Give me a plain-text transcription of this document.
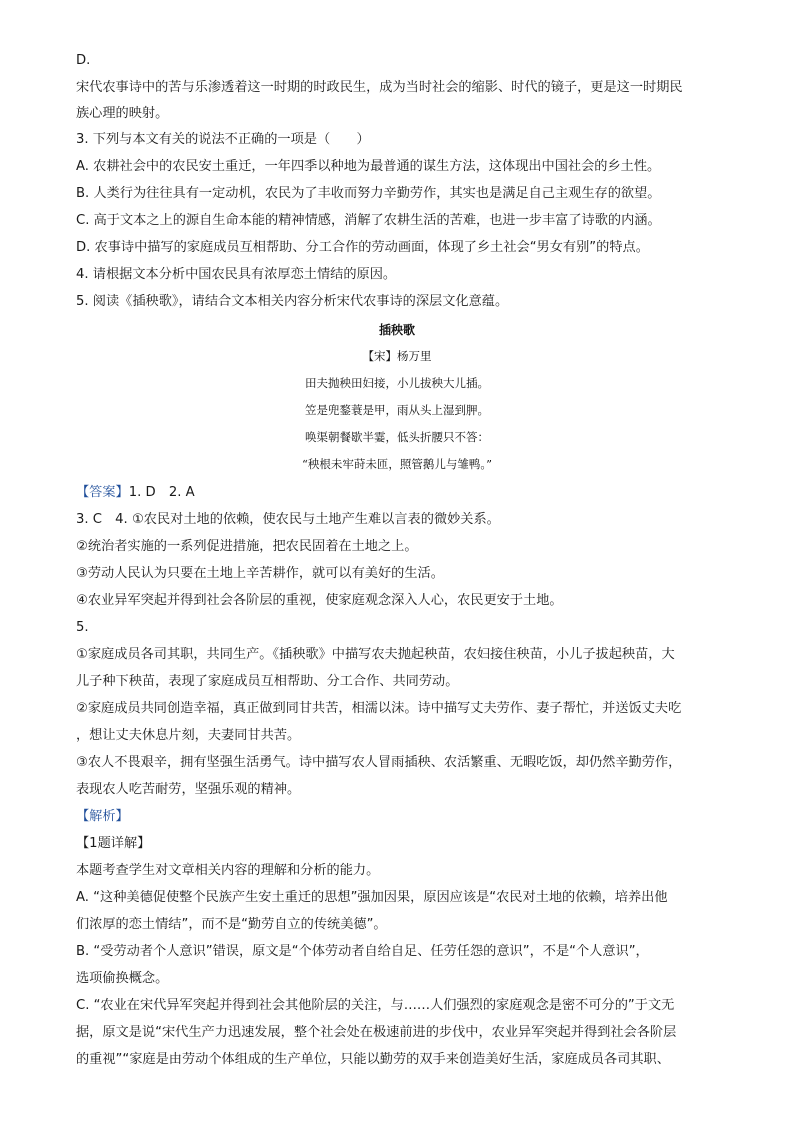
D.
宋代农事诗中的苦与乐渗透着这一时期的时政民生，成为当时社会的缩影、时代的镜子，更是这一时期民
族心理的映射。
3. 下列与本文有关的说法不正确的一项是（　　）
A. 农耕社会中的农民安土重迁，一年四季以种地为最普通的谋生方法，这体现出中国社会的乡土性。
B. 人类行为往往具有一定动机，农民为了丰收而努力辛勤劳作，其实也是满足自己主观生存的欲望。
C. 高于文本之上的源自生命本能的精神情感，消解了农耕生活的苦难，也进一步丰富了诗歌的内涵。
D. 农事诗中描写的家庭成员互相帮助、分工合作的劳动画面，体现了乡土社会“男女有别”的特点。
4. 请根据文本分析中国农民具有浓厚恋土情结的原因。
5. 阅读《插秧歌》，请结合文本相关内容分析宋代农事诗的深层文化意蕴。
插秧歌
【宋】杨万里
田夫抛秧田妇接，小儿拔秧大儿插。
笠是兜鍪蓑是甲，雨从头上湿到胛。
唤渠朝餐歇半霎，低头折腰只不答：
“秧根未牢莳未匝，照管鹅儿与雏鸭。”
【答案】1. D　2. A
3. C　4. ①农民对土地的依赖，使农民与土地产生难以言表的微妙关系。
②统治者实施的一系列促进措施，把农民固着在土地之上。
③劳动人民认为只要在土地上辛苦耕作，就可以有美好的生活。
④农业异军突起并得到社会各阶层的重视，使家庭观念深入人心，农民更安于土地。
5.
①家庭成员各司其职，共同生产。《插秧歌》中描写农夫抛起秧苗，农妇接住秧苗，小儿子拔起秧苗，大
儿子种下秧苗，表现了家庭成员互相帮助、分工合作、共同劳动。
②家庭成员共同创造幸福，真正做到同甘共苦，相濡以沫。诗中描写丈夫劳作、妻子帮忙，并送饭丈夫吃
，想让丈夫休息片刻，夫妻同甘共苦。
③农人不畏艰辛，拥有坚强生活勇气。诗中描写农人冒雨插秧、农活繁重、无暇吃饭，却仍然辛勤劳作，
表现农人吃苦耐劳，坚强乐观的精神。
【解析】
【1题详解】
本题考查学生对文章相关内容的理解和分析的能力。
A. “这种美德促使整个民族产生安土重迁的思想”强加因果，原因应该是“农民对土地的依赖，培养出他
们浓厚的恋土情结”，而不是“勤劳自立的传统美德”。
B. “受劳动者个人意识”错误，原文是“个体劳动者自给自足、任劳任怨的意识”，不是“个人意识”，
选项偷换概念。
C. “农业在宋代异军突起并得到社会其他阶层的关注，与……人们强烈的家庭观念是密不可分的”于文无
据，原文是说“宋代生产力迅速发展，整个社会处在极速前进的步伐中，农业异军突起并得到社会各阶层
的重视”“家庭是由劳动个体组成的生产单位，只能以勤劳的双手来创造美好生活，家庭成员各司其职、
